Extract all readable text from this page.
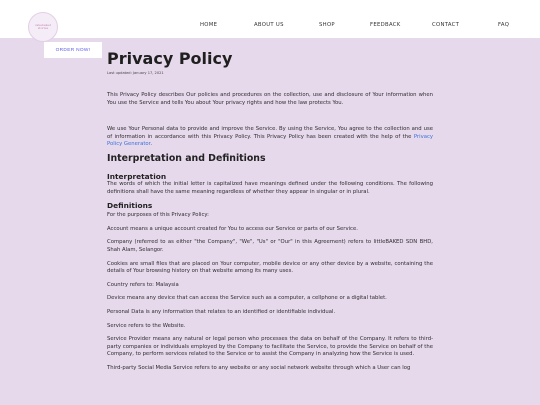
cakebaked
stories	HOME	ABOUT US	SHOP	FEEDBACK	CONTACT	FAQ
ORDER NOW!	Privacy Policy
Last updated: January 17, 2021

This Privacy Policy describes Our policies and procedures on the collection, use and disclosure of Your information when You use the Service and tells You about Your privacy rights and how the law protects You.

We use Your Personal data to provide and improve the Service. By using the Service, You agree to the collection and use of information in accordance with this Privacy Policy. This Privacy Policy has been created with the help of the Privacy Policy Generator.

Interpretation and Definitions
Interpretation

The words of which the initial letter is capitalized have meanings defined under the following conditions. The following definitions shall have the same meaning regardless of whether they appear in singular or in plural.

Definitions

For the purposes of this Privacy Policy:

Account means a unique account created for You to access our Service or parts of our Service.

Company (referred to as either "the Company", "We", "Us" or "Our" in this Agreement) refers to littleBAKED SDN BHD, Shah Alam, Selangor.

Cookies are small files that are placed on Your computer, mobile device or any other device by a website, containing the details of Your browsing history on that website among its many uses.

Country refers to: Malaysia

Device means any device that can access the Service such as a computer, a cellphone or a digital tablet.

Personal Data is any information that relates to an identified or identifiable individual.

Service refers to the Website.

Service Provider means any natural or legal person who processes the data on behalf of the Company. It refers to third-party companies or individuals employed by the Company to facilitate the Service, to provide the Service on behalf of the Company, to perform services related to the Service or to assist the Company in analyzing how the Service is used.

Third-party Social Media Service refers to any website or any social network website through which a User can log
